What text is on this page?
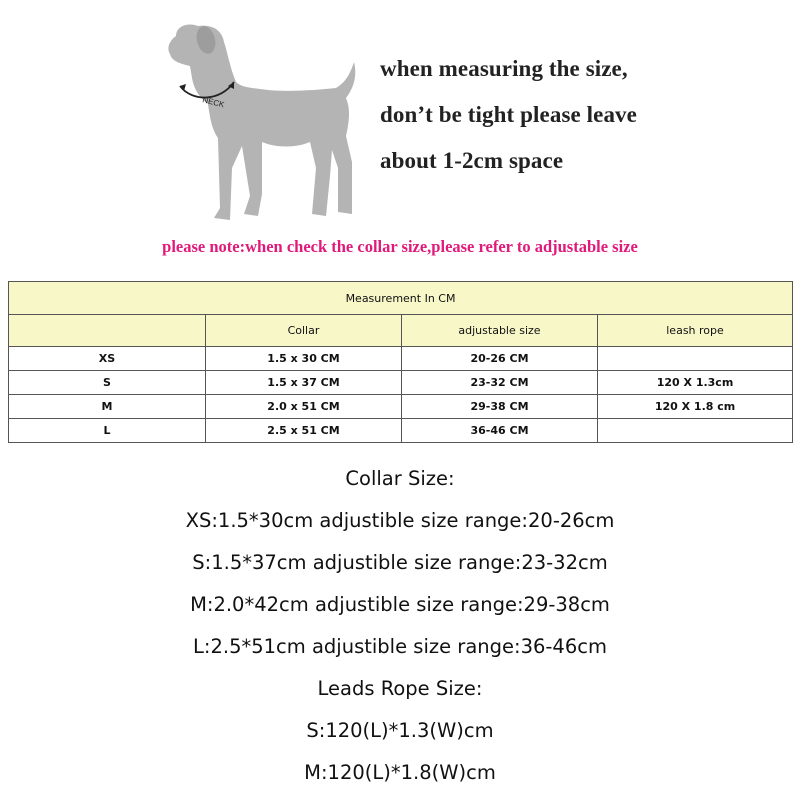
NECK
when measuring the size,
don’t be tight please leave
about 1-2cm space
please note:when check the collar size,please refer to adjustable size
Measurement In CM			
	Collar	adjustable size	leash rope
XS	1.5 x 30 CM	20-26 CM	
S	1.5 x 37 CM	23-32 CM	120 X 1.3cm
M	2.0 x 51 CM	29-38 CM	120 X 1.8 cm
L	2.5 x 51 CM	36-46 CM	
Collar Size:
XS:1.5*30cm adjustible size range:20-26cm
S:1.5*37cm adjustible size range:23-32cm
M:2.0*42cm adjustible size range:29-38cm
L:2.5*51cm adjustible size range:36-46cm
Leads Rope Size:
S:120(L)*1.3(W)cm
M:120(L)*1.8(W)cm
